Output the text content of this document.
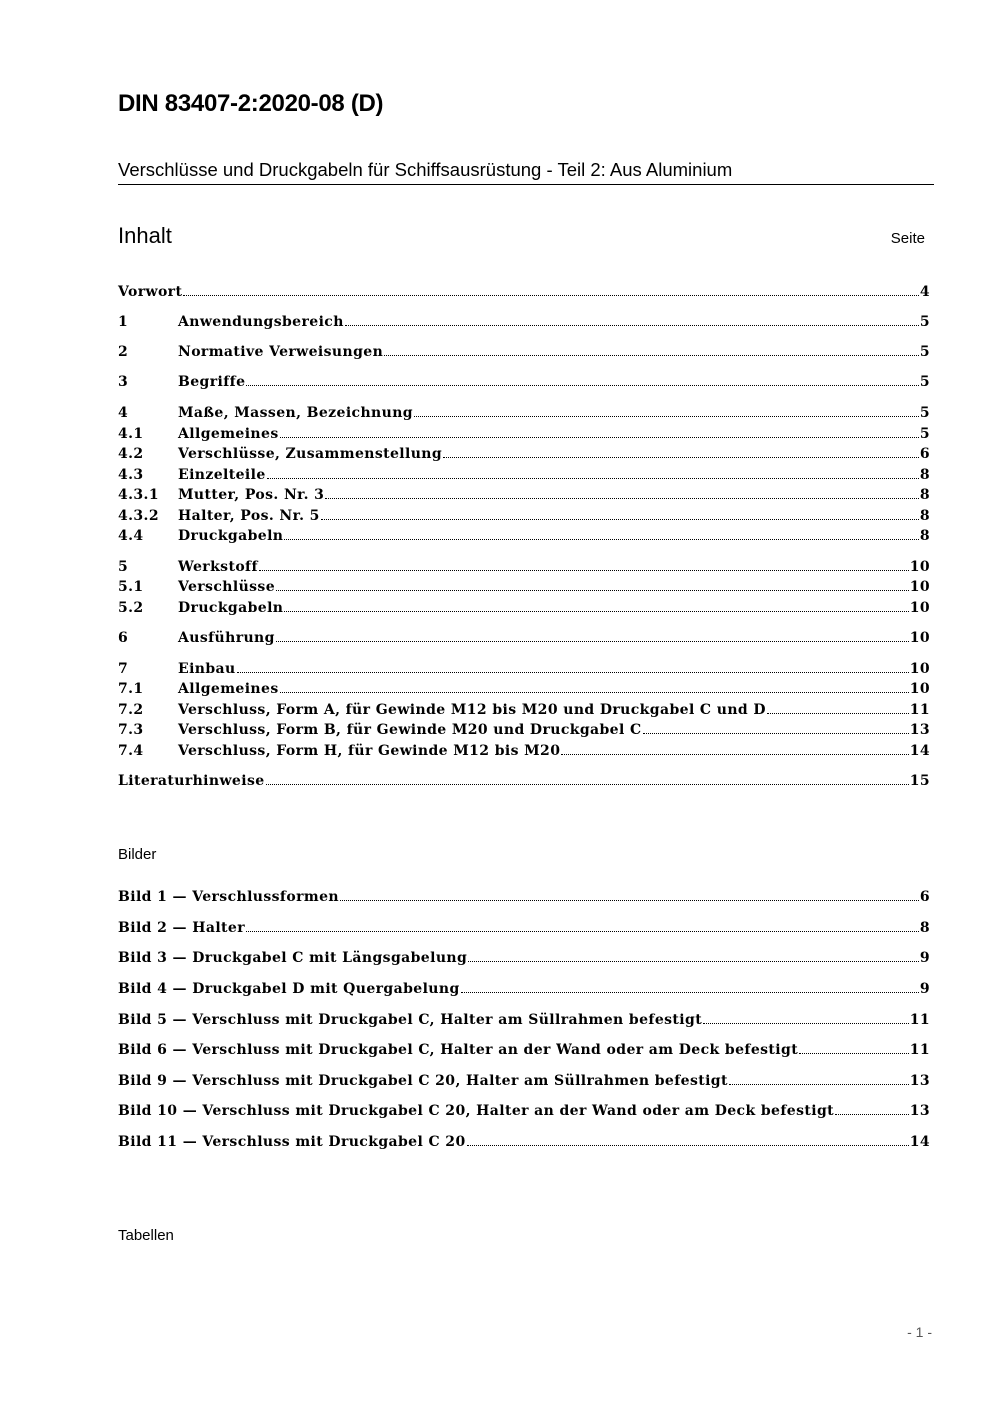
DIN 83407-2:2020-08 (D)
Verschlüsse und Druckgabeln für Schiffsausrüstung - Teil 2: Aus Aluminium
Inhalt	Seite
Vorwort	4
1	Anwendungsbereich	5
2	Normative Verweisungen	5
3	Begriffe	5
4	Maße, Massen, Bezeichnung	5
4.1	Allgemeines	5
4.2	Verschlüsse, Zusammenstellung	6
4.3	Einzelteile	8
4.3.1	Mutter, Pos. Nr. 3	8
4.3.2	Halter, Pos. Nr. 5	8
4.4	Druckgabeln	8
5	Werkstoff	10
5.1	Verschlüsse	10
5.2	Druckgabeln	10
6	Ausführung	10
7	Einbau	10
7.1	Allgemeines	10
7.2	Verschluss, Form A, für Gewinde M12 bis M20 und Druckgabel C und D	11
7.3	Verschluss, Form B, für Gewinde M20 und Druckgabel C	13
7.4	Verschluss, Form H, für Gewinde M12 bis M20	14
Literaturhinweise	15
Bilder
Bild 1 — Verschlussformen	6
Bild 2 — Halter	8
Bild 3 — Druckgabel C mit Längsgabelung	9
Bild 4 — Druckgabel D mit Quergabelung	9
Bild 5 — Verschluss mit Druckgabel C, Halter am Süllrahmen befestigt	11
Bild 6 — Verschluss mit Druckgabel C, Halter an der Wand oder am Deck befestigt	11
Bild 9 — Verschluss mit Druckgabel C 20, Halter am Süllrahmen befestigt	13
Bild 10 — Verschluss mit Druckgabel C 20, Halter an der Wand oder am Deck befestigt	13
Bild 11 — Verschluss mit Druckgabel C 20	14
Tabellen
- 1 -
